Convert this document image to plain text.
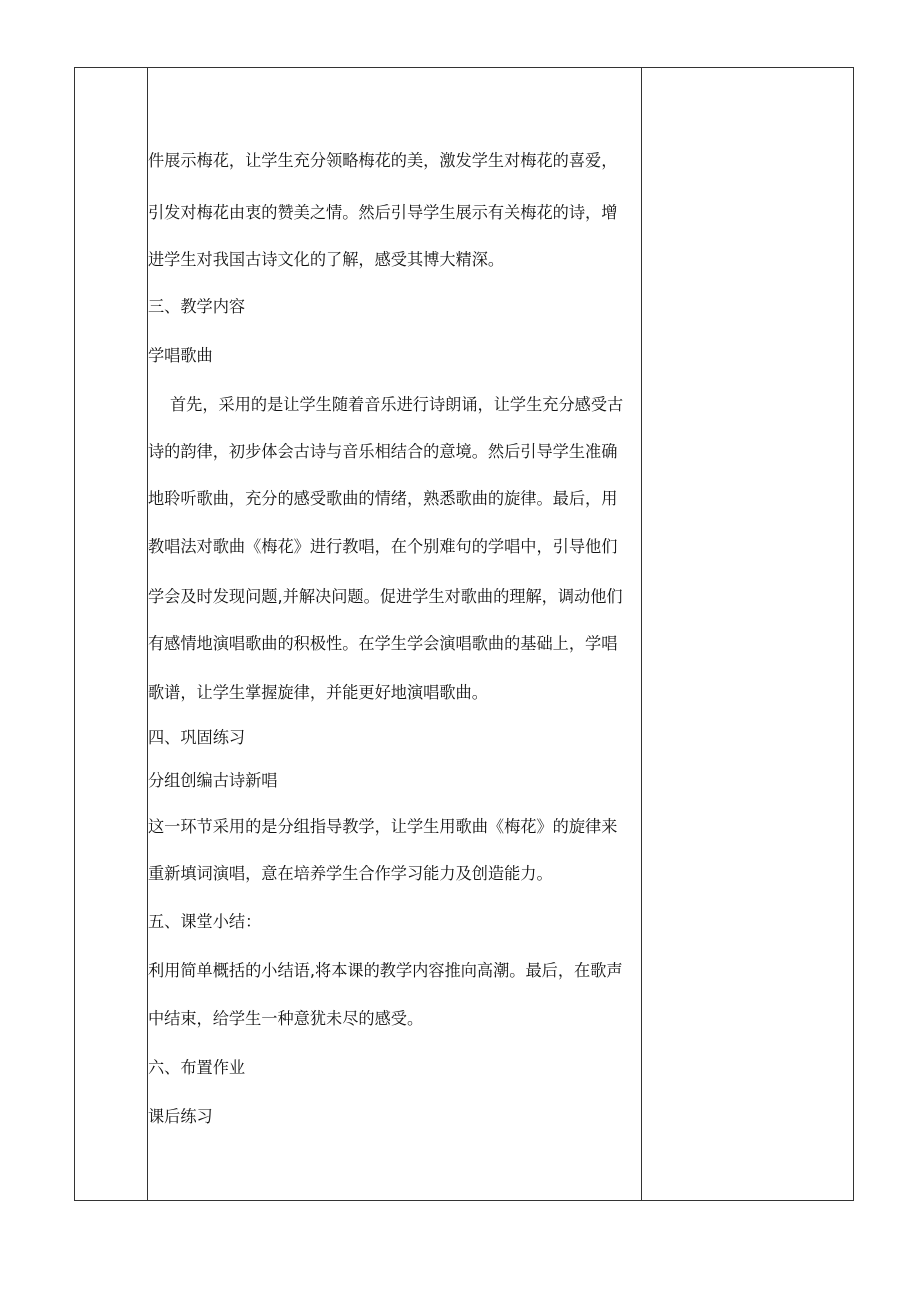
件展示梅花，让学生充分领略梅花的美，激发学生对梅花的喜爱，
引发对梅花由衷的赞美之情。然后引导学生展示有关梅花的诗，增
进学生对我国古诗文化的了解，感受其博大精深。
三、教学内容
学唱歌曲
首先，采用的是让学生随着音乐进行诗朗诵，让学生充分感受古
诗的韵律，初步体会古诗与音乐相结合的意境。然后引导学生准确
地聆听歌曲，充分的感受歌曲的情绪，熟悉歌曲的旋律。最后，用
教唱法对歌曲《梅花》进行教唱，在个别难句的学唱中，引导他们
学会及时发现问题,并解决问题。促进学生对歌曲的理解，调动他们
有感情地演唱歌曲的积极性。在学生学会演唱歌曲的基础上，学唱
歌谱，让学生掌握旋律，并能更好地演唱歌曲。
四、巩固练习
分组创编古诗新唱
这一环节采用的是分组指导教学，让学生用歌曲《梅花》的旋律来
重新填词演唱，意在培养学生合作学习能力及创造能力。
五、课堂小结：
利用简单概括的小结语,将本课的教学内容推向高潮。最后，在歌声
中结束，给学生一种意犹未尽的感受。
六、布置作业
课后练习
